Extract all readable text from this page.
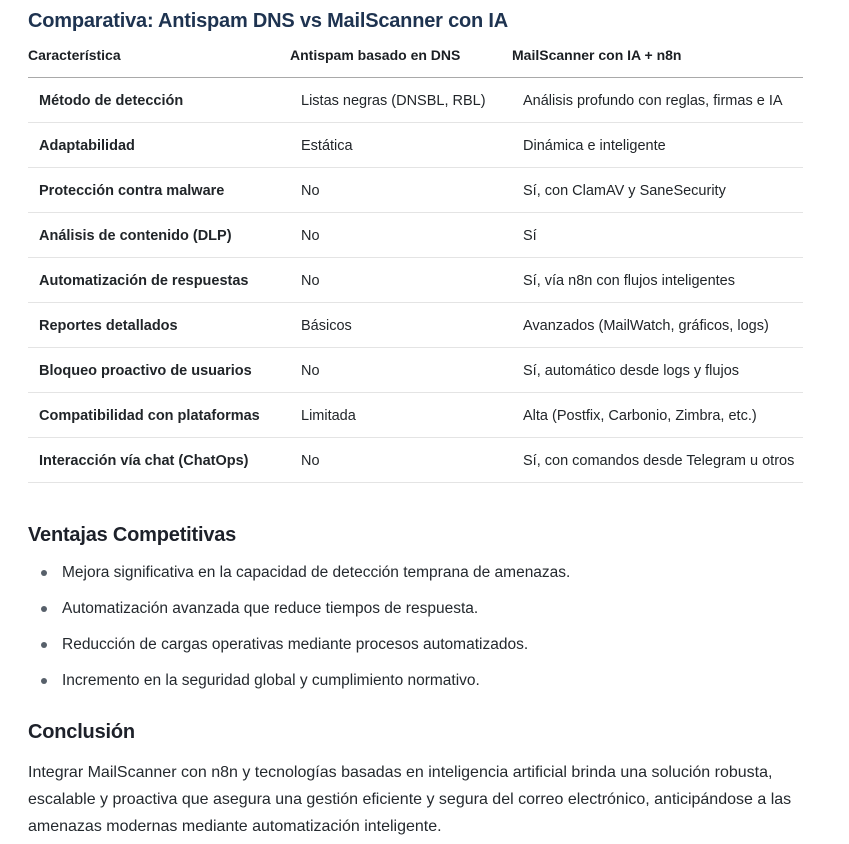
Comparativa: Antispam DNS vs MailScanner con IA
Característica	Antispam basado en DNS	MailScanner con IA + n8n
Método de detección	Listas negras (DNSBL, RBL)	Análisis profundo con reglas, firmas e IA
Adaptabilidad	Estática	Dinámica e inteligente
Protección contra malware	No	Sí, con ClamAV y SaneSecurity
Análisis de contenido (DLP)	No	Sí
Automatización de respuestas	No	Sí, vía n8n con flujos inteligentes
Reportes detallados	Básicos	Avanzados (MailWatch, gráficos, logs)
Bloqueo proactivo de usuarios	No	Sí, automático desde logs y flujos
Compatibilidad con plataformas	Limitada	Alta (Postfix, Carbonio, Zimbra, etc.)
Interacción vía chat (ChatOps)	No	Sí, con comandos desde Telegram u otros
Ventajas Competitivas
Mejora significativa en la capacidad de detección temprana de amenazas.
Automatización avanzada que reduce tiempos de respuesta.
Reducción de cargas operativas mediante procesos automatizados.
Incremento en la seguridad global y cumplimiento normativo.
Conclusión

Integrar MailScanner con n8n y tecnologías basadas en inteligencia artificial brinda una solución robusta, escalable y proactiva que asegura una gestión eficiente y segura del correo electrónico, anticipándose a las amenazas modernas mediante automatización inteligente.
